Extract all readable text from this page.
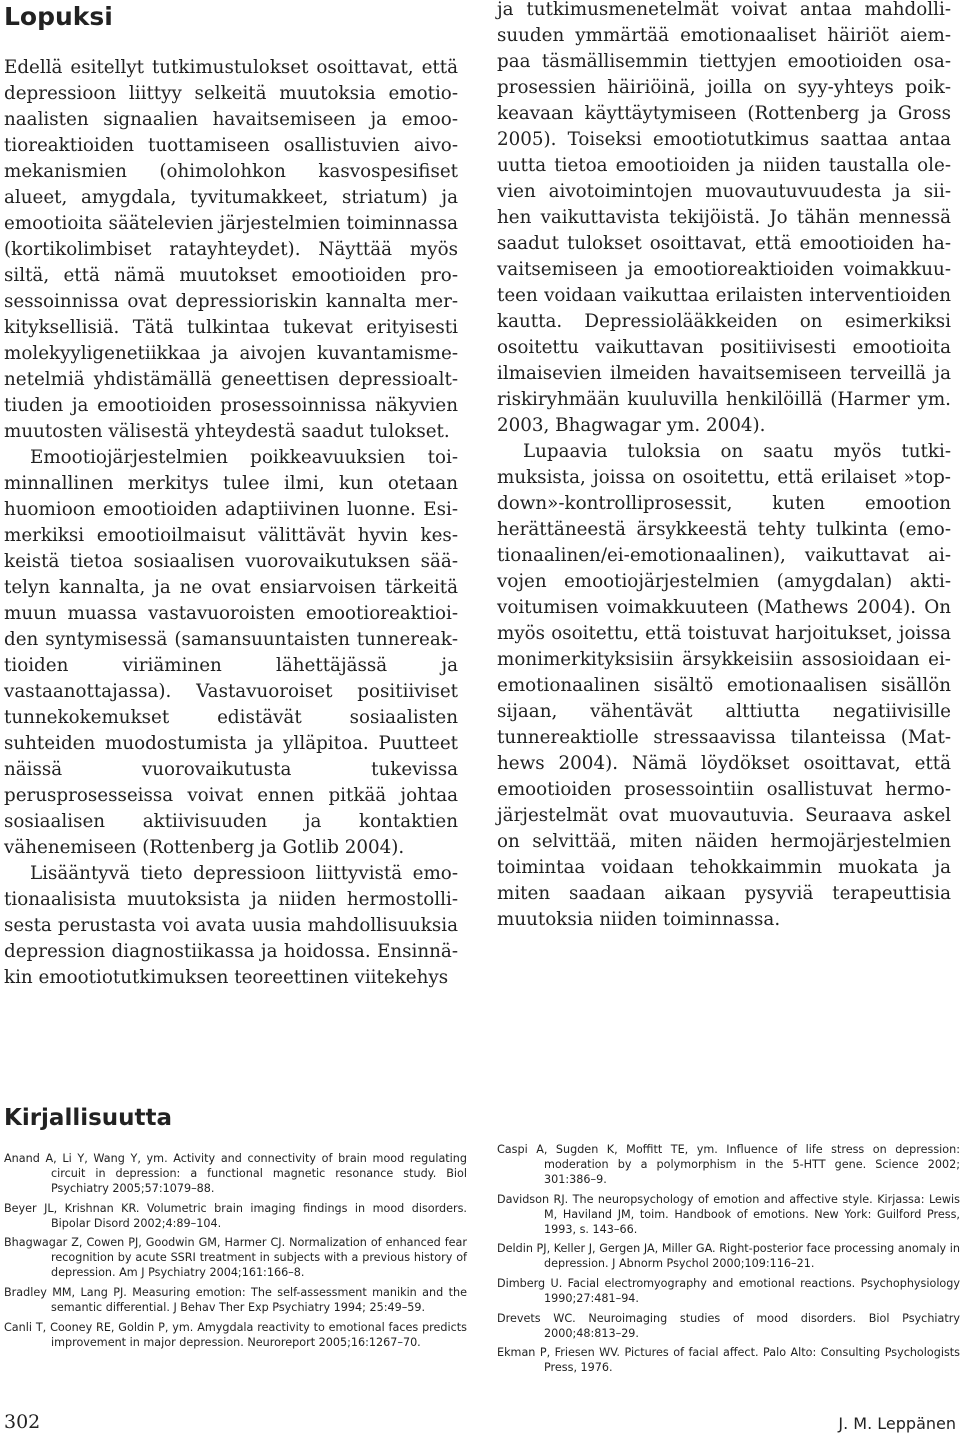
Lopuksi

Edellä esitellyt tutkimustulokset osoittavat, että depressioon liittyy selkeitä muutoksia emotionaalisten signaalien havaitsemiseen ja emootioreaktioiden tuottamiseen osallistuvien aivomekanismien (ohimolohkon kasvospesifiset alueet, amygdala, tyvitumakkeet, striatum) ja emootioita säätelevien järjestelmien toiminnassa (kortikolimbiset ratayhteydet). Näyttää myös siltä, että nämä muutokset emootioiden prosessoinnissa ovat depressioriskin kannalta merkityksellisiä. Tätä tulkintaa tukevat erityisesti molekyyligenetiikkaa ja aivojen kuvantamismenetelmiä yhdistämällä geneettisen depressioalttiuden ja emootioiden prosessoinnissa näkyvien muutosten välisestä yhteydestä saadut tulokset.

Emootiojärjestelmien poikkeavuuksien toiminnallinen merkitys tulee ilmi, kun otetaan huomioon emootioiden adaptiivinen luonne. Esimerkiksi emootioilmaisut välittävät hyvin keskeistä tietoa sosiaalisen vuorovaikutuksen säätelyn kannalta, ja ne ovat ensiarvoisen tärkeitä muun muassa vastavuoroisten emootioreaktioiden syntymisessä (samansuuntaisten tunnereaktioiden viriäminen lähettäjässä ja vastaanottajassa). Vastavuoroiset positiiviset tunnekokemukset edistävät sosiaalisten suhteiden muodostumista ja ylläpitoa. Puutteet näissä vuorovaikutusta tukevissa perusprosesseissa voivat ennen pitkää johtaa sosiaalisen aktiivisuuden ja kontaktien vähenemiseen (Rottenberg ja Gotlib 2004).

Lisääntyvä tieto depressioon liittyvistä emotionaalisista muutoksista ja niiden hermostollisesta perustasta voi avata uusia mahdollisuuksia depression diagnostiikassa ja hoidossa. Ensinnäkin emootiotutkimuksen teoreettinen viitekehys

ja tutkimusmenetelmät voivat antaa mahdollisuuden ymmärtää emotionaaliset häiriöt aiempaa täsmällisemmin tiettyjen emootioiden osaprosessien häiriöinä, joilla on syy-yhteys poikkeavaan käyttäytymiseen (Rottenberg ja Gross 2005). Toiseksi emootiotutkimus saattaa antaa uutta tietoa emootioiden ja niiden taustalla olevien aivotoimintojen muovautuvuudesta ja siihen vaikuttavista tekijöistä. Jo tähän mennessä saadut tulokset osoittavat, että emootioiden havaitsemiseen ja emootioreaktioiden voimakkuuteen voidaan vaikuttaa erilaisten interventioiden kautta. Depressiolääkkeiden on esimerkiksi osoitettu vaikuttavan positiivisesti emootioita ilmaisevien ilmeiden havaitsemiseen terveillä ja riskiryhmään kuuluvilla henkilöillä (Harmer ym. 2003, Bhagwagar ym. 2004).

Lupaavia tuloksia on saatu myös tutkimuksista, joissa on osoitettu, että erilaiset »top-down»-kontrolliprosessit, kuten emootion herättäneestä ärsykkeestä tehty tulkinta (emotionaalinen/ei-emotionaalinen), vaikuttavat aivojen emootiojärjestelmien (amygdalan) aktivoitumisen voimakkuuteen (Mathews 2004). On myös osoitettu, että toistuvat harjoitukset, joissa monimerkityksisiin ärsykkeisiin assosioidaan ei-emotionaalinen sisältö emotionaalisen sisällön sijaan, vähentävät alttiutta negatiivisille tunnereaktiolle stressaavissa tilanteissa (Mathews 2004). Nämä löydökset osoittavat, että emootioiden prosessointiin osallistuvat hermojärjestelmät ovat muovautuvia. Seuraava askel on selvittää, miten näiden hermojärjestelmien toimintaa voidaan tehokkaimmin muokata ja miten saadaan aikaan pysyviä terapeuttisia muutoksia niiden toiminnassa.

Kirjallisuutta

Anand A, Li Y, Wang Y, ym. Activity and connectivity of brain mood regulating circuit in depression: a functional magnetic resonance study. Biol Psychiatry 2005;57:1079–88.

Beyer JL, Krishnan KR. Volumetric brain imaging findings in mood disorders. Bipolar Disord 2002;4:89–104.

Bhagwagar Z, Cowen PJ, Goodwin GM, Harmer CJ. Normalization of enhanced fear recognition by acute SSRI treatment in subjects with a previous history of depression. Am J Psychiatry 2004;161:166–8.

Bradley MM, Lang PJ. Measuring emotion: The self-assessment manikin and the semantic differential. J Behav Ther Exp Psychiatry 1994; 25:49–59.

Canli T, Cooney RE, Goldin P, ym. Amygdala reactivity to emotional faces predicts improvement in major depression. Neuroreport 2005;16:1267–70.

Caspi A, Sugden K, Moffitt TE, ym. Influence of life stress on depression: moderation by a polymorphism in the 5-HTT gene. Science 2002; 301:386–9.

Davidson RJ. The neuropsychology of emotion and affective style. Kirjassa: Lewis M, Haviland JM, toim. Handbook of emotions. New York: Guilford Press, 1993, s. 143–66.

Deldin PJ, Keller J, Gergen JA, Miller GA. Right-posterior face processing anomaly in depression. J Abnorm Psychol 2000;109:116–21.

Dimberg U. Facial electromyography and emotional reactions. Psychophysiology 1990;27:481–94.

Drevets WC. Neuroimaging studies of mood disorders. Biol Psychiatry 2000;48:813–29.

Ekman P, Friesen WV. Pictures of facial affect. Palo Alto: Consulting Psychologists Press, 1976.

302	J. M. Leppänen
